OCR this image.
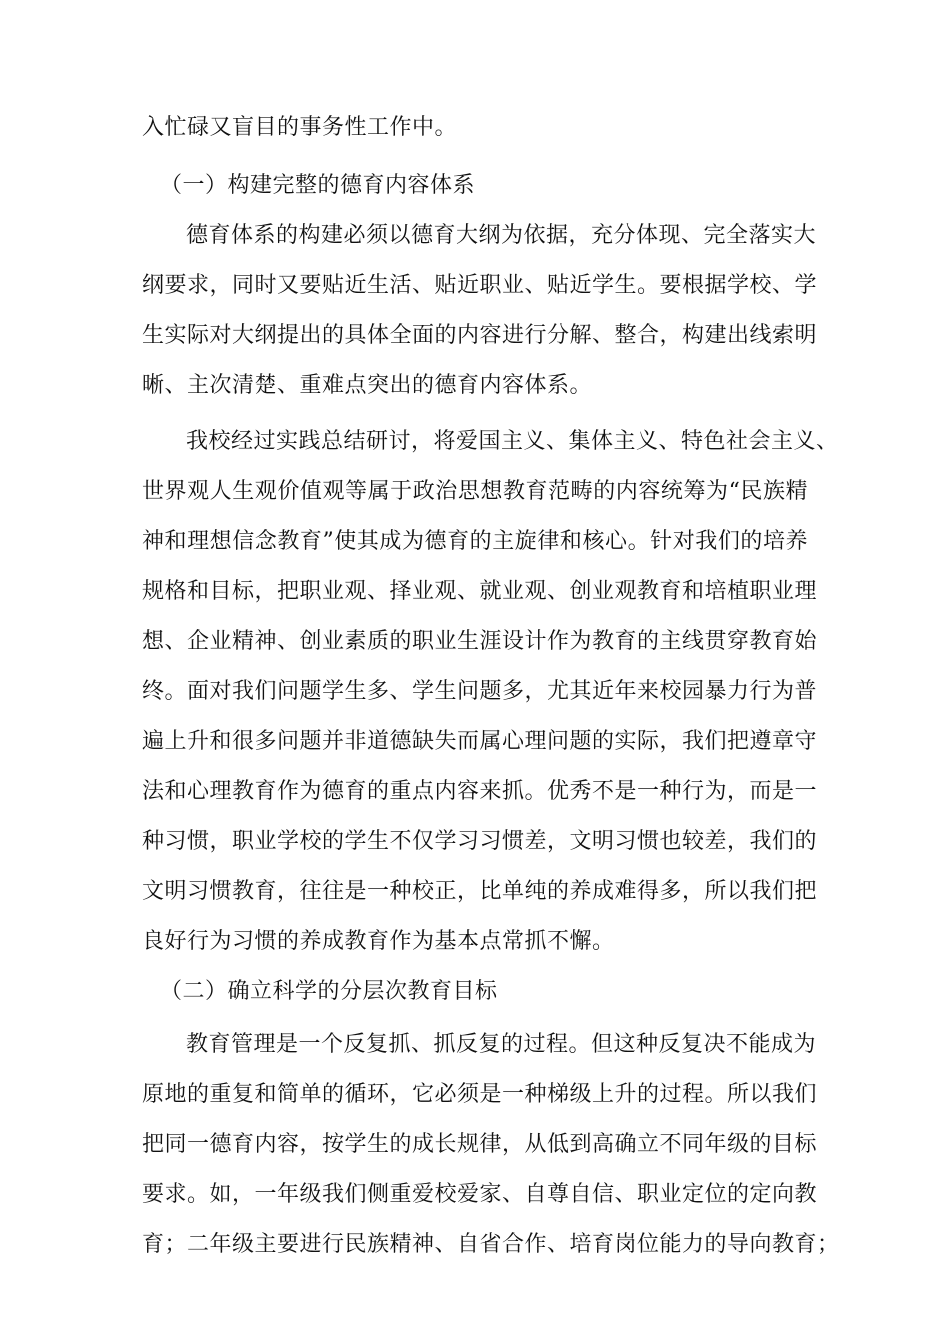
入忙碌又盲目的事务性工作中。
（一）构建完整的德育内容体系
德育体系的构建必须以德育大纲为依据，充分体现、完全落实大
纲要求，同时又要贴近生活、贴近职业、贴近学生。要根据学校、学
生实际对大纲提出的具体全面的内容进行分解、整合，构建出线索明
晰、主次清楚、重难点突出的德育内容体系。
我校经过实践总结研讨，将爱国主义、集体主义、特色社会主义、
世界观人生观价值观等属于政治思想教育范畴的内容统筹为“民族精
神和理想信念教育”使其成为德育的主旋律和核心。针对我们的培养
规格和目标，把职业观、择业观、就业观、创业观教育和培植职业理
想、企业精神、创业素质的职业生涯设计作为教育的主线贯穿教育始
终。面对我们问题学生多、学生问题多，尤其近年来校园暴力行为普
遍上升和很多问题并非道德缺失而属心理问题的实际，我们把遵章守
法和心理教育作为德育的重点内容来抓。优秀不是一种行为，而是一
种习惯，职业学校的学生不仅学习习惯差，文明习惯也较差，我们的
文明习惯教育，往往是一种校正，比单纯的养成难得多，所以我们把
良好行为习惯的养成教育作为基本点常抓不懈。
（二）确立科学的分层次教育目标
教育管理是一个反复抓、抓反复的过程。但这种反复决不能成为
原地的重复和简单的循环，它必须是一种梯级上升的过程。所以我们
把同一德育内容，按学生的成长规律，从低到高确立不同年级的目标
要求。如，一年级我们侧重爱校爱家、自尊自信、职业定位的定向教
育；二年级主要进行民族精神、自省合作、培育岗位能力的导向教育；
